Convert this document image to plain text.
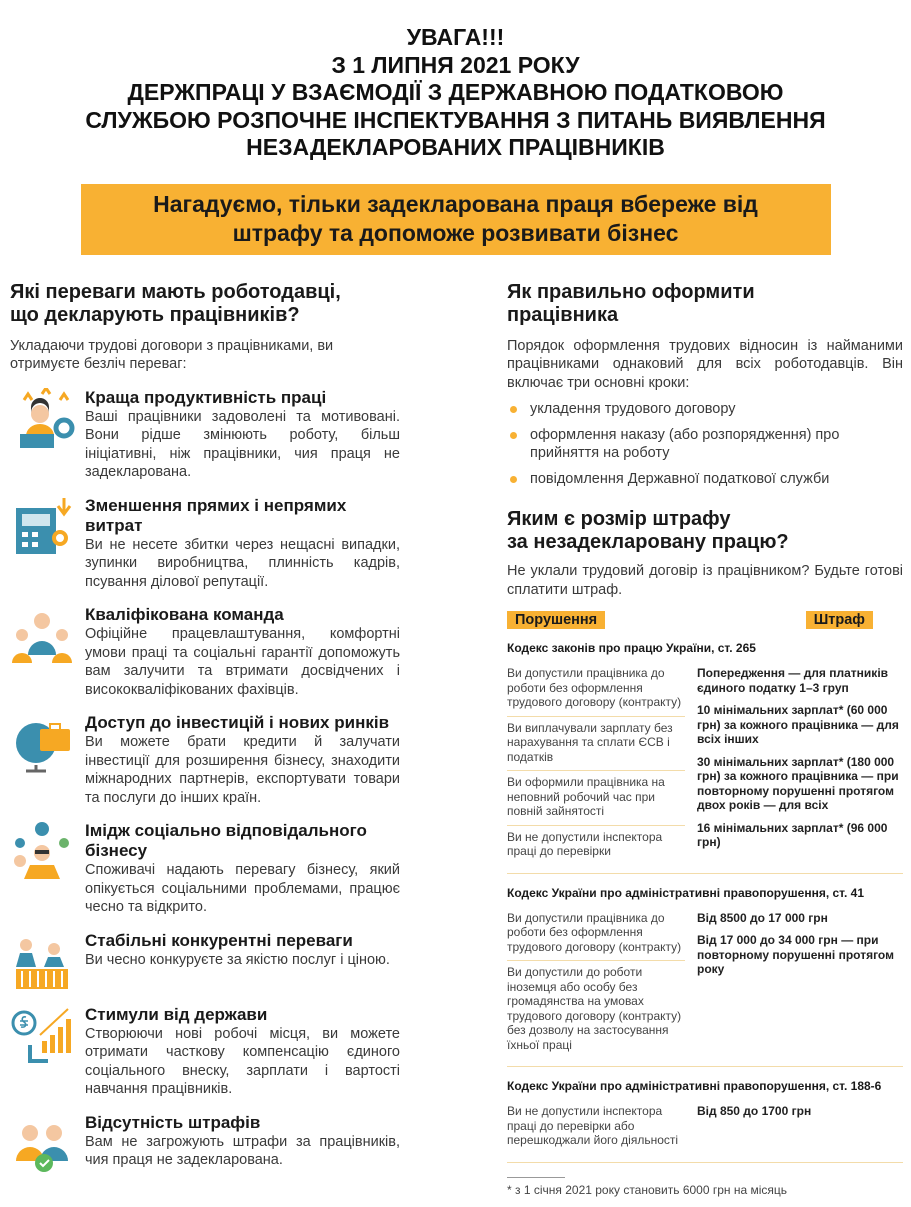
УВАГА!!!
З 1 ЛИПНЯ 2021 РОКУ
ДЕРЖПРАЦІ У ВЗАЄМОДІЇ З ДЕРЖАВНОЮ ПОДАТКОВОЮ
СЛУЖБОЮ РОЗПОЧНЕ ІНСПЕКТУВАННЯ З ПИТАНЬ ВИЯВЛЕННЯ
НЕЗАДЕКЛАРОВАНИХ ПРАЦІВНИКІВ
Нагадуємо, тільки задекларована праця вбереже від
штрафу та допоможе розвивати бізнес
Які переваги мають роботодавці,
що декларують працівників?
Укладаючи трудові договори з працівниками, ви отримуєте безліч переваг:
Краща продуктивність праці
Ваші працівники задоволені та мотивовані. Вони рідше змінюють роботу, більш ініціативні, ніж працівники, чия праця не задекларована.
Зменшення прямих і непрямих витрат
Ви не несете збитки через нещасні випадки, зупинки виробництва, плинність кадрів, псування ділової репутації.
Кваліфікована команда
Офіційне працевлаштування, комфортні умови праці та соціальні гарантії допоможуть вам залучити та втримати досвідчених і висококваліфікованих фахівців.
Доступ до інвестицій і нових ринків
Ви можете брати кредити й залучати інвестиції для розширення бізнесу, знаходити міжнародних партнерів, експортувати товари та послуги до інших країн.
Імідж соціально відповідального бізнесу
Споживачі надають перевагу бізнесу, який опікується соціальними проблемами, працює чесно та відкрито.
Стабільні конкурентні переваги
Ви чесно конкуруєте за якістю послуг і ціною.
Стимули від держави
Створюючи нові робочі місця, ви можете отримати часткову компенсацію єдиного соціального внеску, зарплати і вартості навчання працівників.
Відсутність штрафів
Вам не загрожують штрафи за працівників, чия праця не задекларована.
Як правильно оформити
працівника
Порядок оформлення трудових відносин із найманими працівниками однаковий для всіх роботодавців. Він включає три основні кроки:
укладення трудового договору
оформлення наказу (або розпорядження) про прийняття на роботу
повідомлення Державної податкової служби
Яким є розмір штрафу
за незадекларовану працю?
Не уклали трудовий договір із працівником? Будьте готові сплатити штраф.
Порушення	Штраф
Кодекс законів про працю України, ст. 265
Ви допустили працівника до роботи без оформлення трудового договору (контракту)
Ви виплачували зарплату без нарахування та сплати ЄСВ і податків
Ви оформили працівника на неповний робочий час при повній зайнятості
Ви не допустили інспектора праці до перевірки
Попередження — для платників єдиного податку 1–3 груп
10 мінімальних зарплат* (60 000 грн) за кожного працівника — для всіх інших
30 мінімальних зарплат* (180 000 грн) за кожного працівника — при повторному порушенні протягом двох років — для всіх
16 мінімальних зарплат* (96 000 грн)
Кодекс України про адміністративні правопорушення, ст. 41
Ви допустили працівника до роботи без оформлення трудового договору (контракту)
Ви допустили до роботи іноземця або особу без громадянства на умовах трудового договору (контракту) без дозволу на застосування їхньої праці
Від 8500 до 17 000 грн
Від 17 000 до 34 000 грн — при повторному порушенні протягом року
Кодекс України про адміністративні правопорушення, ст. 188-6
Ви не допустили інспектора праці до перевірки або перешкоджали його діяльності
Від 850 до 1700 грн
* з 1 січня 2021 року становить 6000 грн на місяць
